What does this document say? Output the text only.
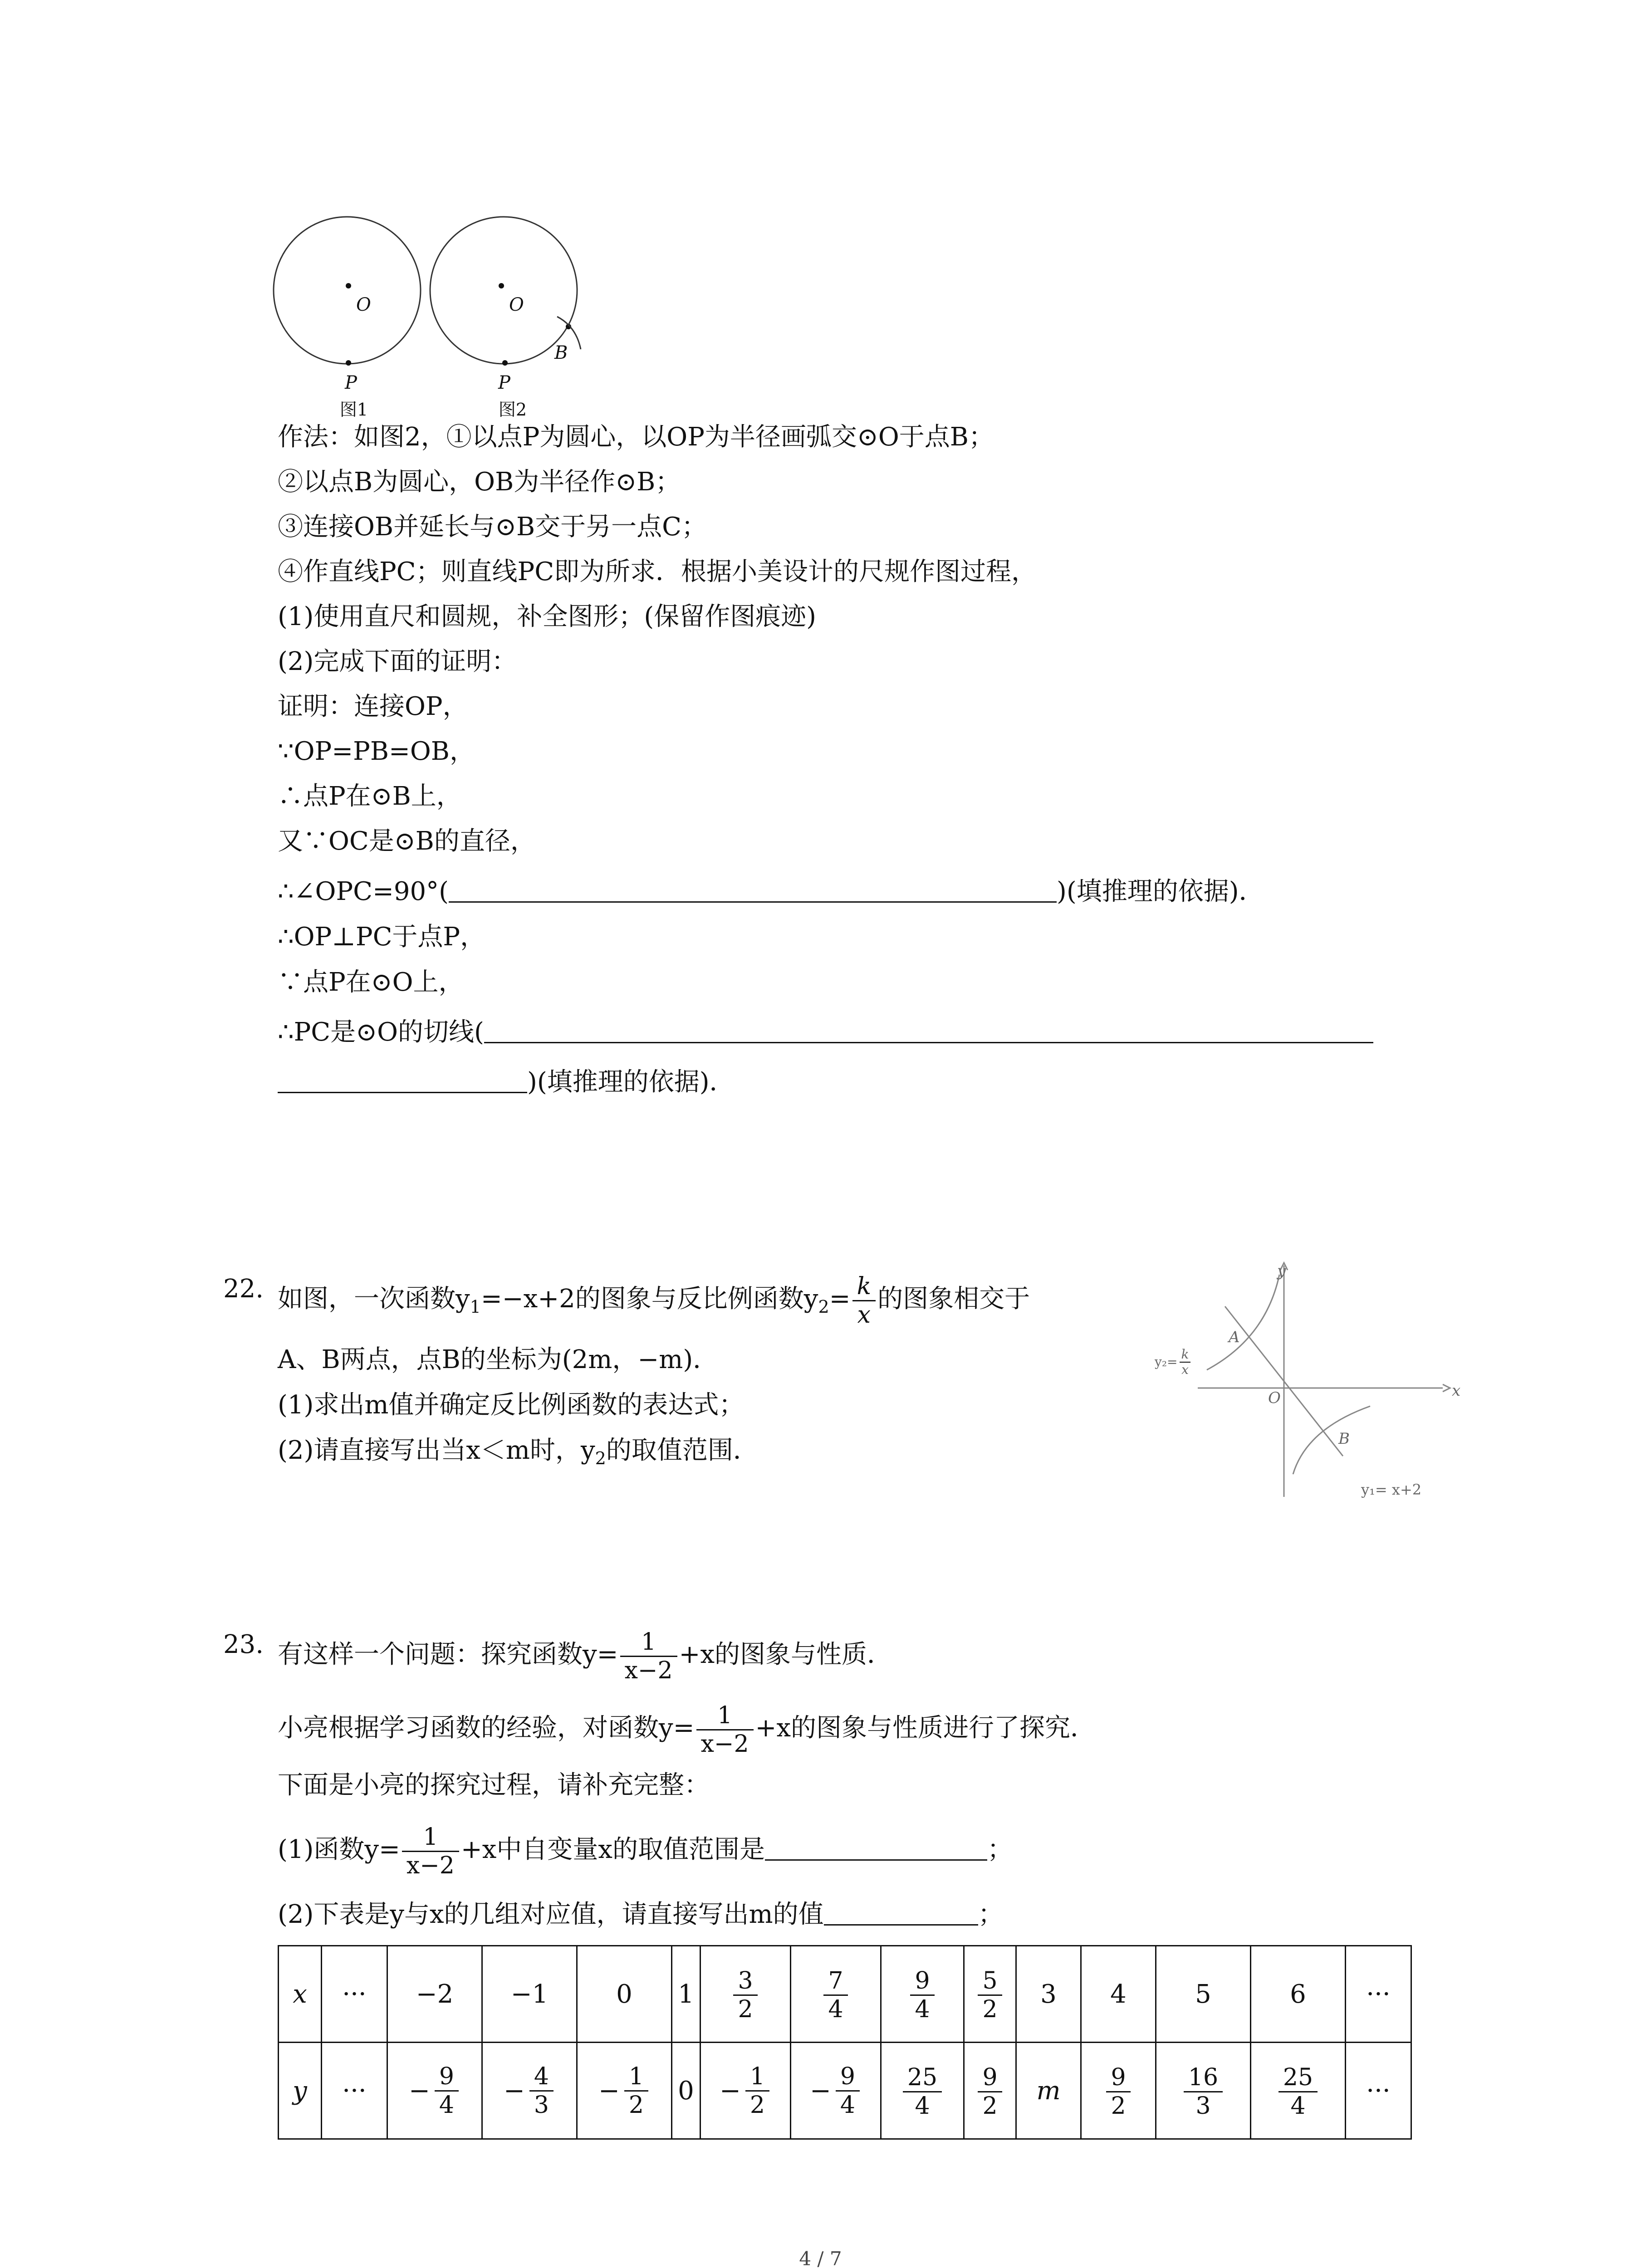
O
P
图1
O
P
B
图2
作法：如图2，①以点P为圆心，以OP为半径画弧交⊙O于点B；
②以点B为圆心，OB为半径作⊙B；
③连接OB并延长与⊙B交于另一点C；
④作直线PC；则直线PC即为所求．根据小美设计的尺规作图过程，
(1)使用直尺和圆规，补全图形；(保留作图痕迹)
(2)完成下面的证明：
证明：连接OP，
∵OP=PB=OB，
∴点P在⊙B上，
又∵OC是⊙B的直径，
∴∠OPC=90°(	)(填推理的依据)．
∴OP⊥PC于点P，
∵点P在⊙O上，
∴PC是⊙O的切线(
)(填推理的依据)．
22. 如图，一次函数$y_1=-x+2$的图象与反比例函数$y_2= \frac{k}{x}$ 的图象相交于
A、B两点，点B的坐标为(2m，−m)．
(1)求出m值并确定反比例函数的表达式；
(2)请直接写出当x＜m时，$y_2$的取值范围．
y
x
O
A
B
$y_2= \frac{k}{x}$
y₁= x+2
23. 有这样一个问题：探究函数$y= \frac{1}{x-2} +x$的图象与性质．
小亮根据学习函数的经验，对函数$y= \frac{1}{x-2} +x$的图象与性质进行了探究．
下面是小亮的探究过程，请补充完整：
(1)函数$y= \frac{1}{x-2} +x$中自变量x的取值范围是	；
(2)下表是y与x的几组对应值，请直接写出m的值	；
x	···	−2	−1	0	1	$\frac{3}{2}$	$\frac{7}{4}$	$\frac{9}{4}$	$\frac{5}{2}$	3	4	5	6	···
y	···	− $\frac{9}{4}$	− $\frac{4}{3}$	− $\frac{1}{2}$	0	− $\frac{1}{2}$	− $\frac{9}{4}$	$\frac{25}{4}$	$\frac{9}{2}$	m	$\frac{9}{2}$	$\frac{16}{3}$	$\frac{25}{4}$	···
4 / 7
